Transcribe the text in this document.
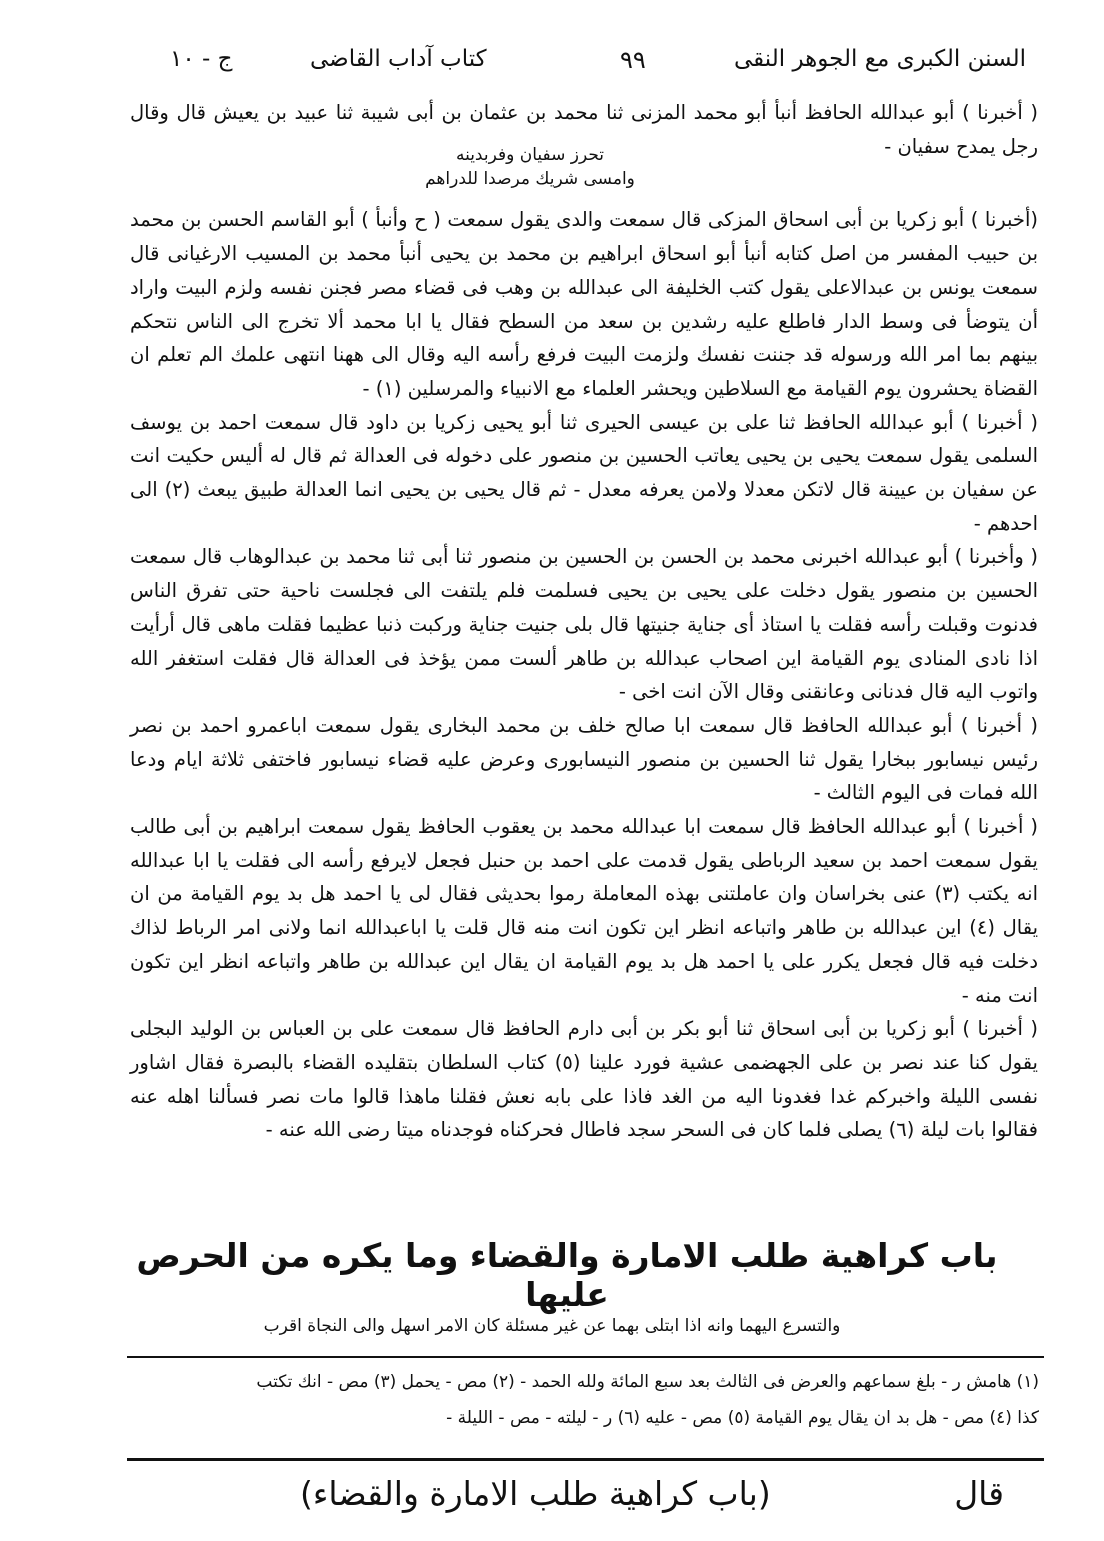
السنن الكبرى مع الجوهر النقى
٩٩
كتاب آداب القاضى
ج - ١٠

( أخبرنا ) أبو عبدالله الحافظ أنبأ أبو محمد المزنى ثنا محمد بن عثمان بن أبى شيبة ثنا عبيد بن يعيش قال وقال رجل يمدح سفيان -

(أخبرنا ) أبو زكريا بن أبى اسحاق المزكى قال سمعت والدى يقول سمعت ( ح وأنبأ ) أبو القاسم الحسن بن محمد بن حبيب المفسر من اصل كتابه أنبأ أبو اسحاق ابراهيم بن محمد بن يحيى أنبأ محمد بن المسيب الارغيانى قال سمعت يونس بن عبدالاعلى يقول كتب الخليفة الى عبدالله بن وهب فى قضاء مصر فجنن نفسه ولزم البيت واراد أن يتوضأ فى وسط الدار فاطلع عليه رشدين بن سعد من السطح فقال يا ابا محمد ألا تخرج الى الناس نتحكم بينهم بما امر الله ورسوله قد جننت نفسك ولزمت البيت فرفع رأسه اليه وقال الى ههنا انتهى علمك الم تعلم ان القضاة يحشرون يوم القيامة مع السلاطين ويحشر العلماء مع الانبياء والمرسلين (١) -

( أخبرنا ) أبو عبدالله الحافظ ثنا على بن عيسى الحيرى ثنا أبو يحيى زكريا بن داود قال سمعت احمد بن يوسف السلمى يقول سمعت يحيى بن يحيى يعاتب الحسين بن منصور على دخوله فى العدالة ثم قال له أليس حكيت انت عن سفيان بن عيينة قال لاتكن معدلا ولامن يعرفه معدل - ثم قال يحيى بن يحيى انما العدالة طبيق يبعث (٢) الى احدهم -

( وأخبرنا ) أبو عبدالله اخبرنى محمد بن الحسن بن الحسين بن منصور ثنا أبى ثنا محمد بن عبدالوهاب قال سمعت الحسين بن منصور يقول دخلت على يحيى بن يحيى فسلمت فلم يلتفت الى فجلست ناحية حتى تفرق الناس فدنوت وقبلت رأسه فقلت يا استاذ أى جناية جنيتها قال بلى جنيت جناية وركبت ذنبا عظيما فقلت ماهى قال أرأيت اذا نادى المنادى يوم القيامة اين اصحاب عبدالله بن طاهر ألست ممن يؤخذ فى العدالة قال فقلت استغفر الله واتوب اليه قال فدنانى وعانقنى وقال الآن انت اخى -

( أخبرنا ) أبو عبدالله الحافظ قال سمعت ابا صالح خلف بن محمد البخارى يقول سمعت اباعمرو احمد بن نصر رئيس نيسابور ببخارا يقول ثنا الحسين بن منصور النيسابورى وعرض عليه قضاء نيسابور فاختفى ثلاثة ايام ودعا الله فمات فى اليوم الثالث -

( أخبرنا ) أبو عبدالله الحافظ قال سمعت ابا عبدالله محمد بن يعقوب الحافظ يقول سمعت ابراهيم بن أبى طالب يقول سمعت احمد بن سعيد الرباطى يقول قدمت على احمد بن حنبل فجعل لايرفع رأسه الى فقلت يا ابا عبدالله انه يكتب (٣) عنى بخراسان وان عاملتنى بهذه المعاملة رموا بحديثى فقال لى يا احمد هل بد يوم القيامة من ان يقال (٤) اين عبدالله بن طاهر واتباعه انظر اين تكون انت منه قال قلت يا اباعبدالله انما ولانى امر الرباط لذاك دخلت فيه قال فجعل يكرر على يا احمد هل بد يوم القيامة ان يقال اين عبدالله بن طاهر واتباعه انظر اين تكون انت منه -

( أخبرنا ) أبو زكريا بن أبى اسحاق ثنا أبو بكر بن أبى دارم الحافظ قال سمعت على بن العباس بن الوليد البجلى يقول كنا عند نصر بن على الجهضمى عشية فورد علينا (٥) كتاب السلطان بتقليده القضاء بالبصرة فقال اشاور نفسى الليلة واخبركم غدا فغدونا اليه من الغد فاذا على بابه نعش فقلنا ماهذا قالوا مات نصر فسألنا اهله عنه فقالوا بات ليلة (٦) يصلى فلما كان فى السحر سجد فاطال فحركناه فوجدناه ميتا رضى الله عنه -

تحرز سفيان وفربدينه وامسى شريك مرصدا للدراهم
باب كراهية طلب الامارة والقضاء وما يكره من الحرص عليها
والتسرع اليهما وانه اذا ابتلى بهما عن غير مسئلة كان الامر اسهل والى النجاة اقرب
(١) هامش ر - بلغ سماعهم والعرض فى الثالث بعد سبع المائة ولله الحمد - (٢) مص - يحمل (٣) مص - انك تكتب
كذا (٤) مص - هل بد ان يقال يوم القيامة (٥) مص - عليه (٦) ر - ليلته - مص - الليلة -
قال
(باب كراهية طلب الامارة والقضاء)
